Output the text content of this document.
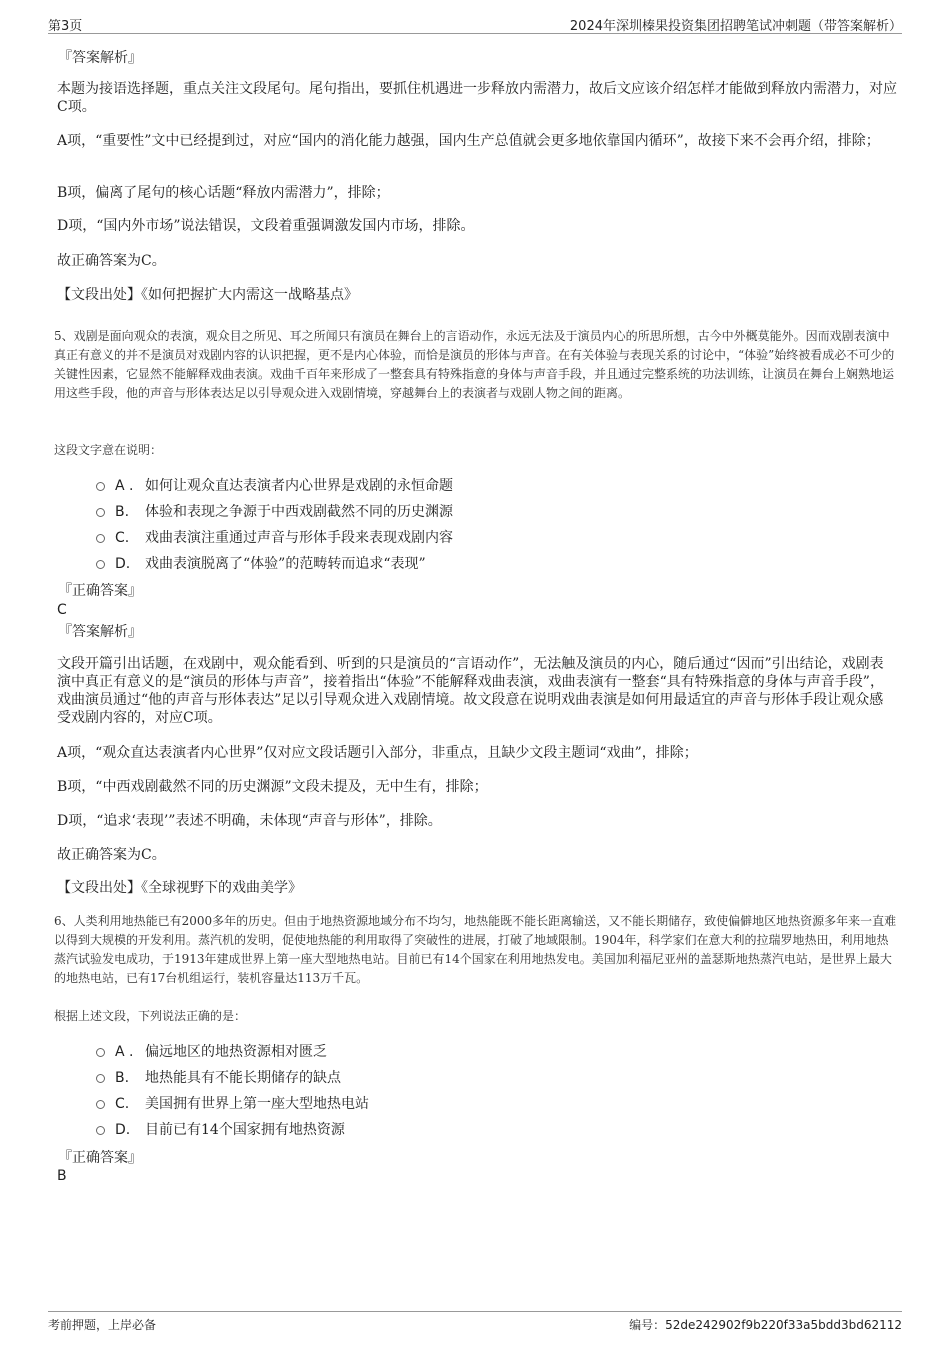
第3页	2024年深圳榛果投资集团招聘笔试冲刺题（带答案解析）
『答案解析』
本题为接语选择题，重点关注文段尾句。尾句指出，要抓住机遇进一步释放内需潜力，故后文应该介绍怎样才能做到释放内需潜力，对应C项。
A项，“重要性”文中已经提到过，对应“国内的消化能力越强，国内生产总值就会更多地依靠国内循环”，故接下来不会再介绍，排除；
B项，偏离了尾句的核心话题“释放内需潜力”，排除；
D项，“国内外市场”说法错误，文段着重强调激发国内市场，排除。
故正确答案为C。
【文段出处】《如何把握扩大内需这一战略基点》
5、戏剧是面向观众的表演，观众目之所见、耳之所闻只有演员在舞台上的言语动作，永远无法及于演员内心的所思所想，古今中外概莫能外。因而戏剧表演中真正有意义的并不是演员对戏剧内容的认识把握，更不是内心体验，而恰是演员的形体与声音。在有关体验与表现关系的讨论中，“体验”始终被看成必不可少的关键性因素，它显然不能解释戏曲表演。戏曲千百年来形成了一整套具有特殊指意的身体与声音手段，并且通过完整系统的功法训练，让演员在舞台上娴熟地运用这些手段，他的声音与形体表达足以引导观众进入戏剧情境，穿越舞台上的表演者与戏剧人物之间的距离。
这段文字意在说明：
A . 如何让观众直达表演者内心世界是戏剧的永恒命题
B. 体验和表现之争源于中西戏剧截然不同的历史渊源
C. 戏曲表演注重通过声音与形体手段来表现戏剧内容
D. 戏曲表演脱离了“体验”的范畴转而追求“表现”
『正确答案』
C
『答案解析』
文段开篇引出话题，在戏剧中，观众能看到、听到的只是演员的“言语动作”，无法触及演员的内心，随后通过“因而”引出结论，戏剧表演中真正有意义的是“演员的形体与声音”，接着指出“体验”不能解释戏曲表演，戏曲表演有一整套“具有特殊指意的身体与声音手段”，戏曲演员通过“他的声音与形体表达”足以引导观众进入戏剧情境。故文段意在说明戏曲表演是如何用最适宜的声音与形体手段让观众感受戏剧内容的，对应C项。
A项，“观众直达表演者内心世界”仅对应文段话题引入部分，非重点，且缺少文段主题词“戏曲”，排除；
B项，“中西戏剧截然不同的历史渊源”文段未提及，无中生有，排除；
D项，“追求‘表现’”表述不明确，未体现“声音与形体”，排除。
故正确答案为C。
【文段出处】《全球视野下的戏曲美学》
6、人类利用地热能已有2000多年的历史。但由于地热资源地域分布不均匀，地热能既不能长距离输送，又不能长期储存，致使偏僻地区地热资源多年来一直难以得到大规模的开发利用。蒸汽机的发明，促使地热能的利用取得了突破性的进展，打破了地域限制。1904年，科学家们在意大利的拉瑞罗地热田，利用地热蒸汽试验发电成功，于1913年建成世界上第一座大型地热电站。目前已有14个国家在利用地热发电。美国加利福尼亚州的盖瑟斯地热蒸汽电站，是世界上最大的地热电站，已有17台机组运行，装机容量达113万千瓦。
根据上述文段，下列说法正确的是：
A . 偏远地区的地热资源相对匮乏
B. 地热能具有不能长期储存的缺点
C. 美国拥有世界上第一座大型地热电站
D. 目前已有14个国家拥有地热资源
『正确答案』
B
考前押题，上岸必备	编号：52de242902f9b220f33a5bdd3bd62112
